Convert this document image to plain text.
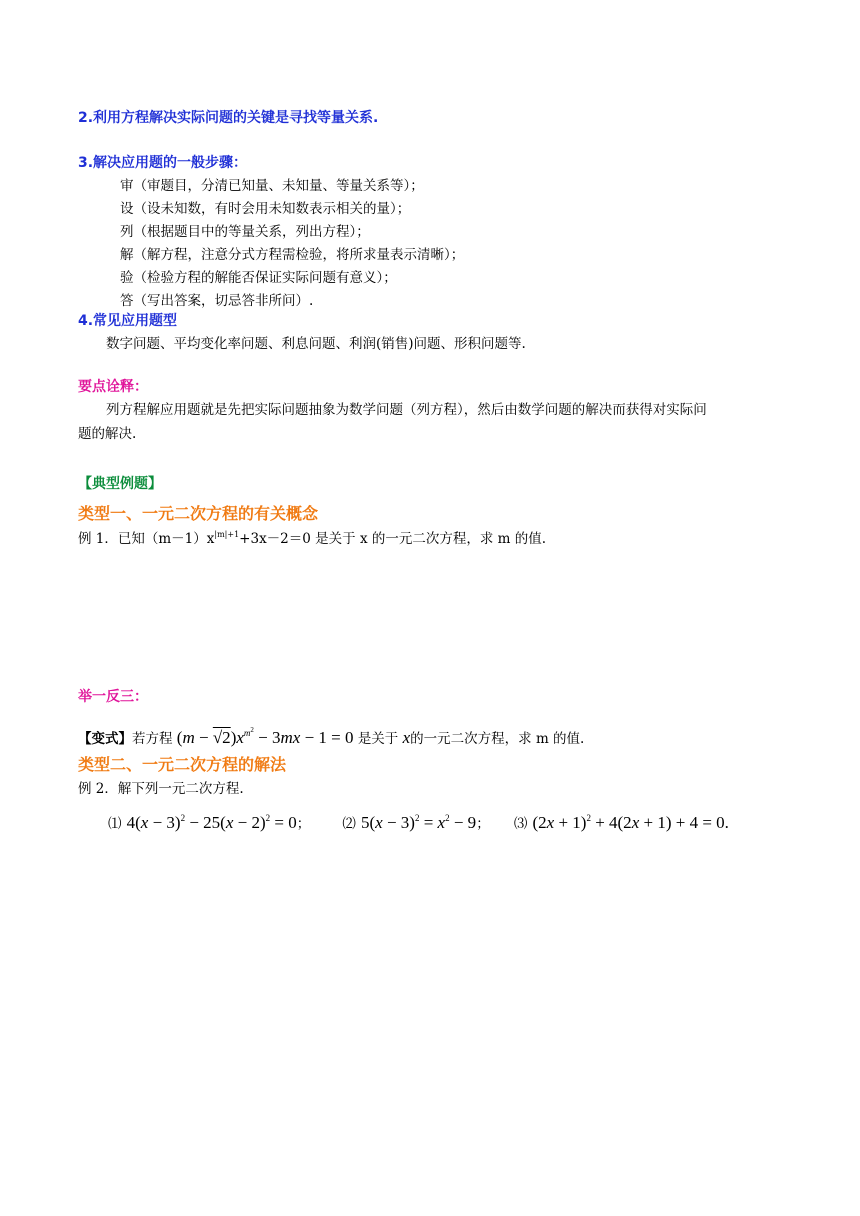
2.利用方程解决实际问题的关键是寻找等量关系.
3.解决应用题的一般步骤：
审（审题目，分清已知量、未知量、等量关系等）；
设（设未知数，有时会用未知数表示相关的量）；
列（根据题目中的等量关系，列出方程）；
解（解方程，注意分式方程需检验，将所求量表示清晰）；
验（检验方程的解能否保证实际问题有意义）；
答（写出答案，切忌答非所问）.
4.常见应用题型
数字问题、平均变化率问题、利息问题、利润(销售)问题、形积问题等.
要点诠释：
列方程解应用题就是先把实际问题抽象为数学问题（列方程），然后由数学问题的解决而获得对实际问
题的解决.
【典型例题】
类型一、一元二次方程的有关概念
例 1．已知$(m-1)x^{|m|+1}+3x-2=0$ 是关于 x 的一元二次方程，求 m 的值.
举一反三：
【变式】若方程 $(m - √2)x^{m^2} - 3mx - 1 = 0$ 是关于 x的一元二次方程，求 m 的值.
类型二、一元二次方程的解法
例 2．解下列一元二次方程.
⑴ $4(x - 3)^2 - 25(x - 2)^2 = 0$； ⑵ $5(x - 3)^2 = x^2 - 9$； ⑶ $(2x + 1)^2 + 4(2x + 1) + 4 = 0$.
